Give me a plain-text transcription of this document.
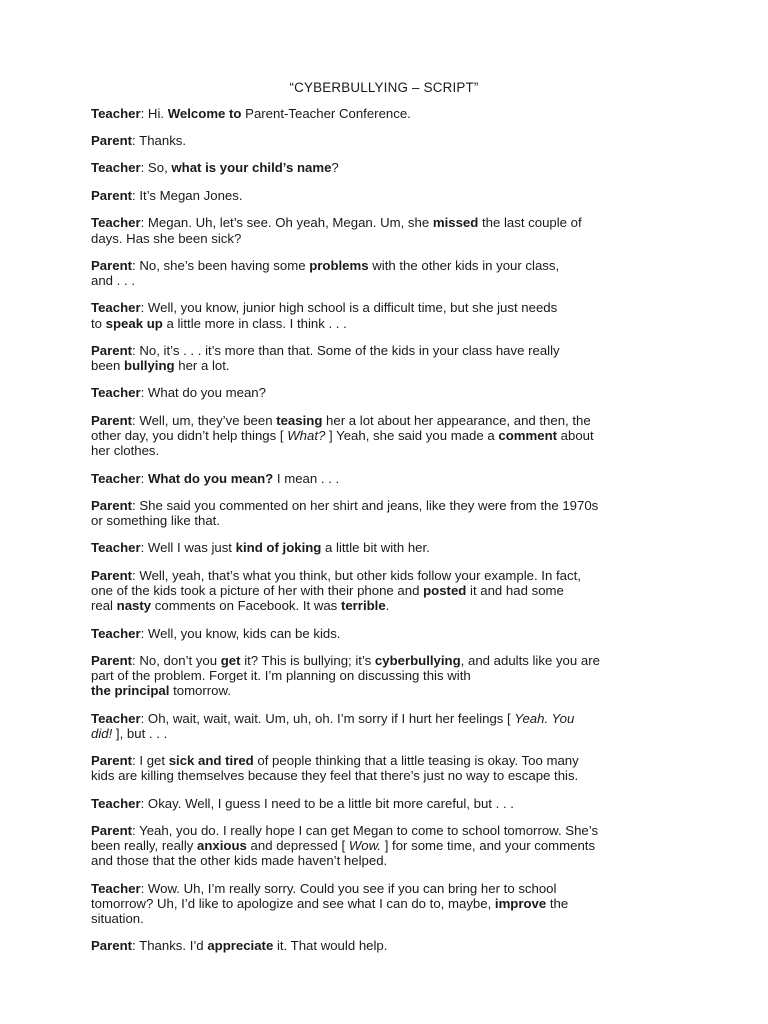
“CYBERBULLYING – SCRIPT”

Teacher: Hi. Welcome to Parent-Teacher Conference.

Parent: Thanks.

Teacher: So, what is your child’s name?

Parent: It’s Megan Jones.

Teacher: Megan. Uh, let’s see. Oh yeah, Megan. Um, she missed the last couple of

days. Has she been sick?

Parent: No, she’s been having some problems with the other kids in your class,

and . . .

Teacher: Well, you know, junior high school is a difficult time, but she just needs

to speak up a little more in class. I think . . .

Parent: No, it’s . . . it’s more than that. Some of the kids in your class have really

been bullying her a lot.

Teacher: What do you mean?

Parent: Well, um, they’ve been teasing her a lot about her appearance, and then, the

other day, you didn’t help things [ What? ] Yeah, she said you made a comment about

her clothes.

Teacher: What do you mean? I mean . . .

Parent: She said you commented on her shirt and jeans, like they were from the 1970s

or something like that.

Teacher: Well I was just kind of joking a little bit with her.

Parent: Well, yeah, that’s what you think, but other kids follow your example. In fact,

one of the kids took a picture of her with their phone and posted it and had some

real nasty comments on Facebook. It was terrible.

Teacher: Well, you know, kids can be kids.

Parent: No, don’t you get it? This is bullying; it’s cyberbullying, and adults like you are

part of the problem. Forget it. I’m planning on discussing this with

the principal tomorrow.

Teacher: Oh, wait, wait, wait. Um, uh, oh. I’m sorry if I hurt her feelings [ Yeah. You

did! ], but . . .

Parent: I get sick and tired of people thinking that a little teasing is okay. Too many

kids are killing themselves because they feel that there’s just no way to escape this.

Teacher: Okay. Well, I guess I need to be a little bit more careful, but . . .

Parent: Yeah, you do. I really hope I can get Megan to come to school tomorrow. She’s

been really, really anxious and depressed [ Wow. ] for some time, and your comments

and those that the other kids made haven’t helped.

Teacher: Wow. Uh, I’m really sorry. Could you see if you can bring her to school

tomorrow? Uh, I’d like to apologize and see what I can do to, maybe, improve the

situation.

Parent: Thanks. I’d appreciate it. That would help.
